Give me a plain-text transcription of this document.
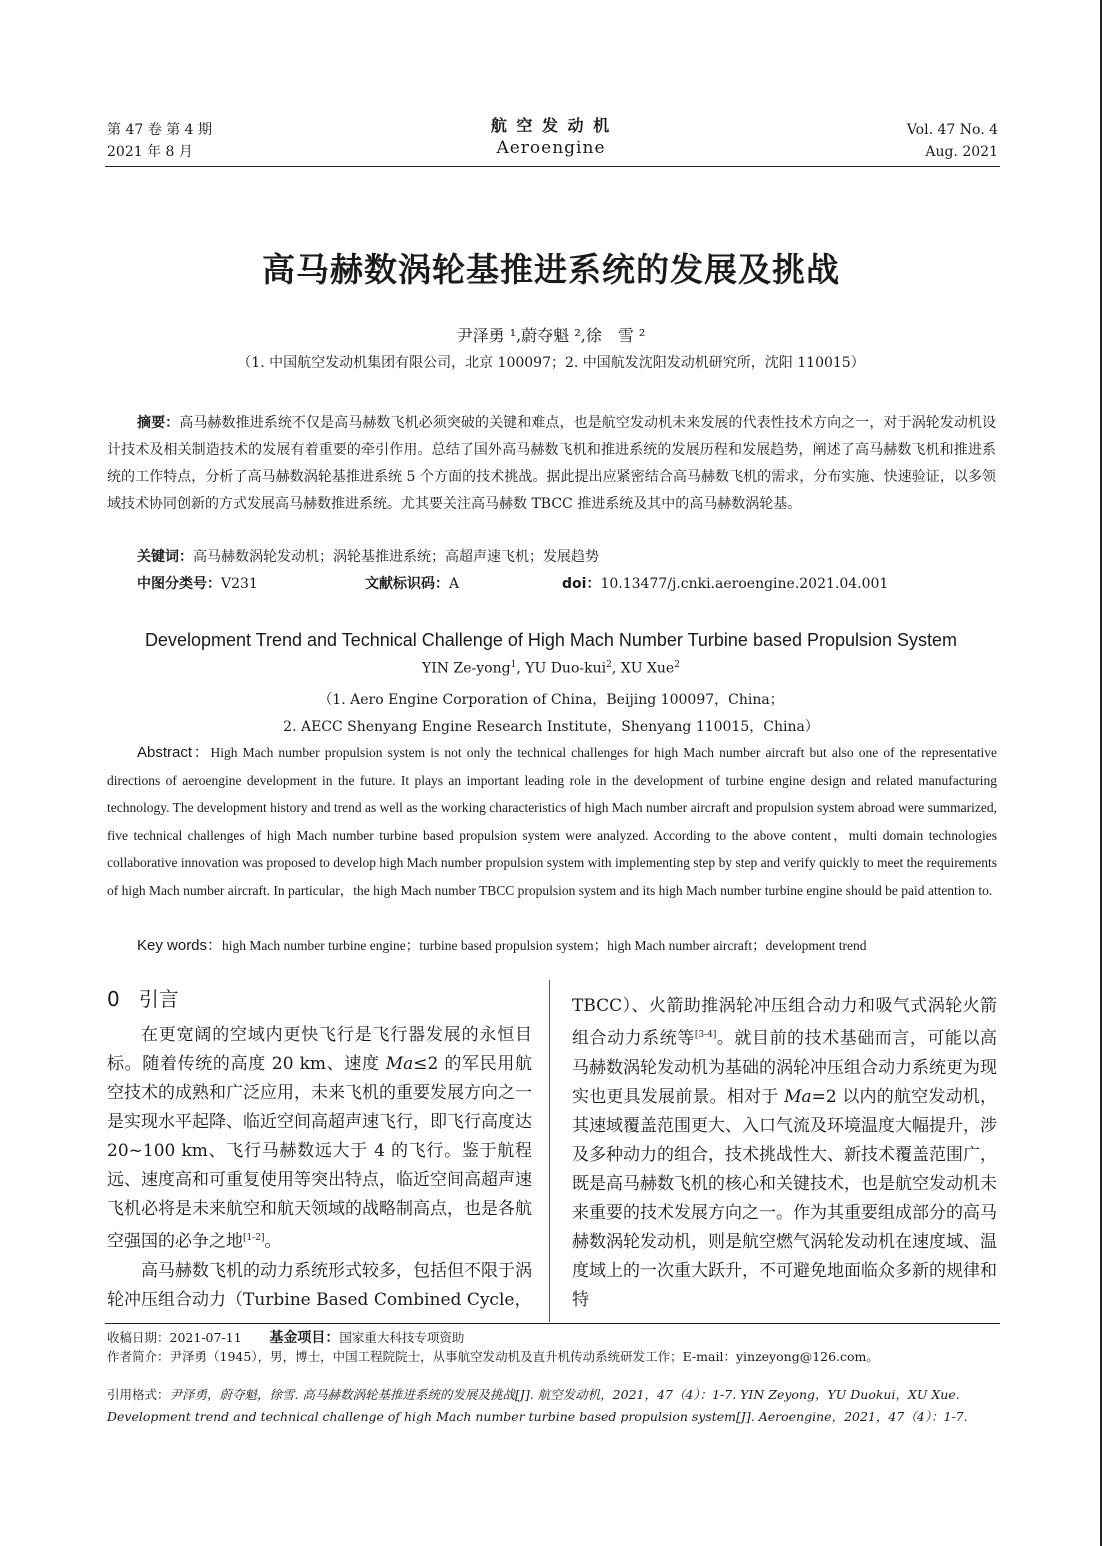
第 47 卷 第 4 期
2021 年 8 月
航 空 发 动 机
Aeroengine
Vol. 47 No. 4
Aug. 2021
高马赫数涡轮基推进系统的发展及挑战
尹泽勇 ¹,蔚夺魁 ²,徐　雪 ²
（1. 中国航空发动机集团有限公司，北京 100097；2. 中国航发沈阳发动机研究所，沈阳 110015）
摘要：高马赫数推进系统不仅是高马赫数飞机必须突破的关键和难点，也是航空发动机未来发展的代表性技术方向之一，对于涡轮发动机设计技术及相关制造技术的发展有着重要的牵引作用。总结了国外高马赫数飞机和推进系统的发展历程和发展趋势，阐述了高马赫数飞机和推进系统的工作特点，分析了高马赫数涡轮基推进系统 5 个方面的技术挑战。据此提出应紧密结合高马赫数飞机的需求，分布实施、快速验证，以多领域技术协同创新的方式发展高马赫数推进系统。尤其要关注高马赫数 TBCC 推进系统及其中的高马赫数涡轮基。
关键词：高马赫数涡轮发动机；涡轮基推进系统；高超声速飞机；发展趋势
中图分类号：V231	文献标识码：A	doi：10.13477/j.cnki.aeroengine.2021.04.001
Development Trend and Technical Challenge of High Mach Number Turbine based Propulsion System
YIN Ze-yong$^1$, YU Duo-kui$^2$, XU Xue$^2$
（1. Aero Engine Corporation of China，Beijing 100097，China；
2. AECC Shenyang Engine Research Institute，Shenyang 110015，China）
Abstract：High Mach number propulsion system is not only the technical challenges for high Mach number aircraft but also one of the representative directions of aeroengine development in the future. It plays an important leading role in the development of turbine engine design and related manufacturing technology. The development history and trend as well as the working characteristics of high Mach number aircraft and propulsion system abroad were summarized, five technical challenges of high Mach number turbine based propulsion system were analyzed. According to the above content，multi domain technologies collaborative innovation was proposed to develop high Mach number propulsion system with implementing step by step and verify quickly to meet the requirements of high Mach number aircraft. In particular，the high Mach number TBCC propulsion system and its high Mach number turbine engine should be paid attention to.
Key words：high Mach number turbine engine；turbine based propulsion system；high Mach number aircraft；development trend
0 引言

在更宽阔的空域内更快飞行是飞行器发展的永恒目标。随着传统的高度 20 km、速度 Ma≤2 的军民用航空技术的成熟和广泛应用，未来飞机的重要发展方向之一是实现水平起降、临近空间高超声速飞行，即飞行高度达 20~100 km、飞行马赫数远大于 4 的飞行。鉴于航程远、速度高和可重复使用等突出特点，临近空间高超声速飞机必将是未来航空和航天领域的战略制高点，也是各航空强国的必争之地[1-2]。

高马赫数飞机的动力系统形式较多，包括但不限于涡轮冲压组合动力（Turbine Based Combined Cycle，

TBCC）、火箭助推涡轮冲压组合动力和吸气式涡轮火箭组合动力系统等[3-4]。就目前的技术基础而言，可能以高马赫数涡轮发动机为基础的涡轮冲压组合动力系统更为现实也更具发展前景。相对于 Ma=2 以内的航空发动机，其速域覆盖范围更大、入口气流及环境温度大幅提升，涉及多种动力的组合，技术挑战性大、新技术覆盖范围广，既是高马赫数飞机的核心和关键技术，也是航空发动机未来重要的技术发展方向之一。作为其重要组成部分的高马赫数涡轮发动机，则是航空燃气涡轮发动机在速度域、温度域上的一次重大跃升，不可避免地面临众多新的规律和特

收稿日期：2021-07-11 基金项目：国家重大科技专项资助
作者简介：尹泽勇（1945），男，博士，中国工程院院士，从事航空发动机及直升机传动系统研发工作；E-mail：yinzeyong@126.com。
引用格式：尹泽勇，蔚夺魁，徐雪. 高马赫数涡轮基推进系统的发展及挑战[J]. 航空发动机，2021，47（4）：1-7. YIN Zeyong，YU Duokui，XU Xue. Development trend and technical challenge of high Mach number turbine based propulsion system[J]. Aeroengine，2021，47（4）：1-7.
